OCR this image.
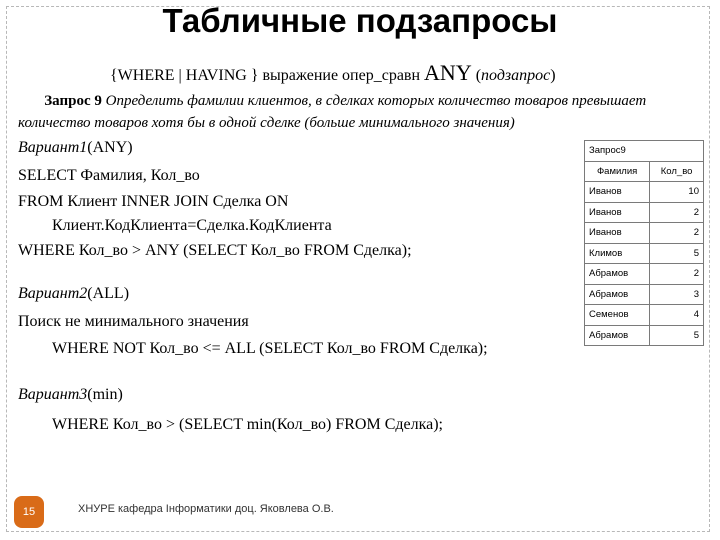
Табличные подзапросы
{WHERE | HAVING } выражение опер_сравн ANY (подзапрос)
Запрос 9 Определить фамилии клиентов, в сделках которых количество товаров превышает количество товаров хотя бы в одной сделке (больше минимального значения)
Вариант1(ANY)
SELECT Фамилия, Кол_во
FROM Клиент INNER JOIN Сделка ON
Клиент.КодКлиента=Сделка.КодКлиента
WHERE Кол_во > ANY (SELECT Кол_во FROM Сделка);
Вариант2(ALL)
Поиск не минимального значения
WHERE NOT Кол_во <= ALL (SELECT Кол_во FROM Сделка);
Вариант3(min)
WHERE Кол_во > (SELECT min(Кол_во) FROM Сделка);
Запрос9	
Фамилия	Кол_во
Иванов	10
Иванов	2
Иванов	2
Климов	5
Абрамов	2
Абрамов	3
Семенов	4
Абрамов	5
15	ХНУРЕ кафедра Інформатики доц. Яковлева О.В.
